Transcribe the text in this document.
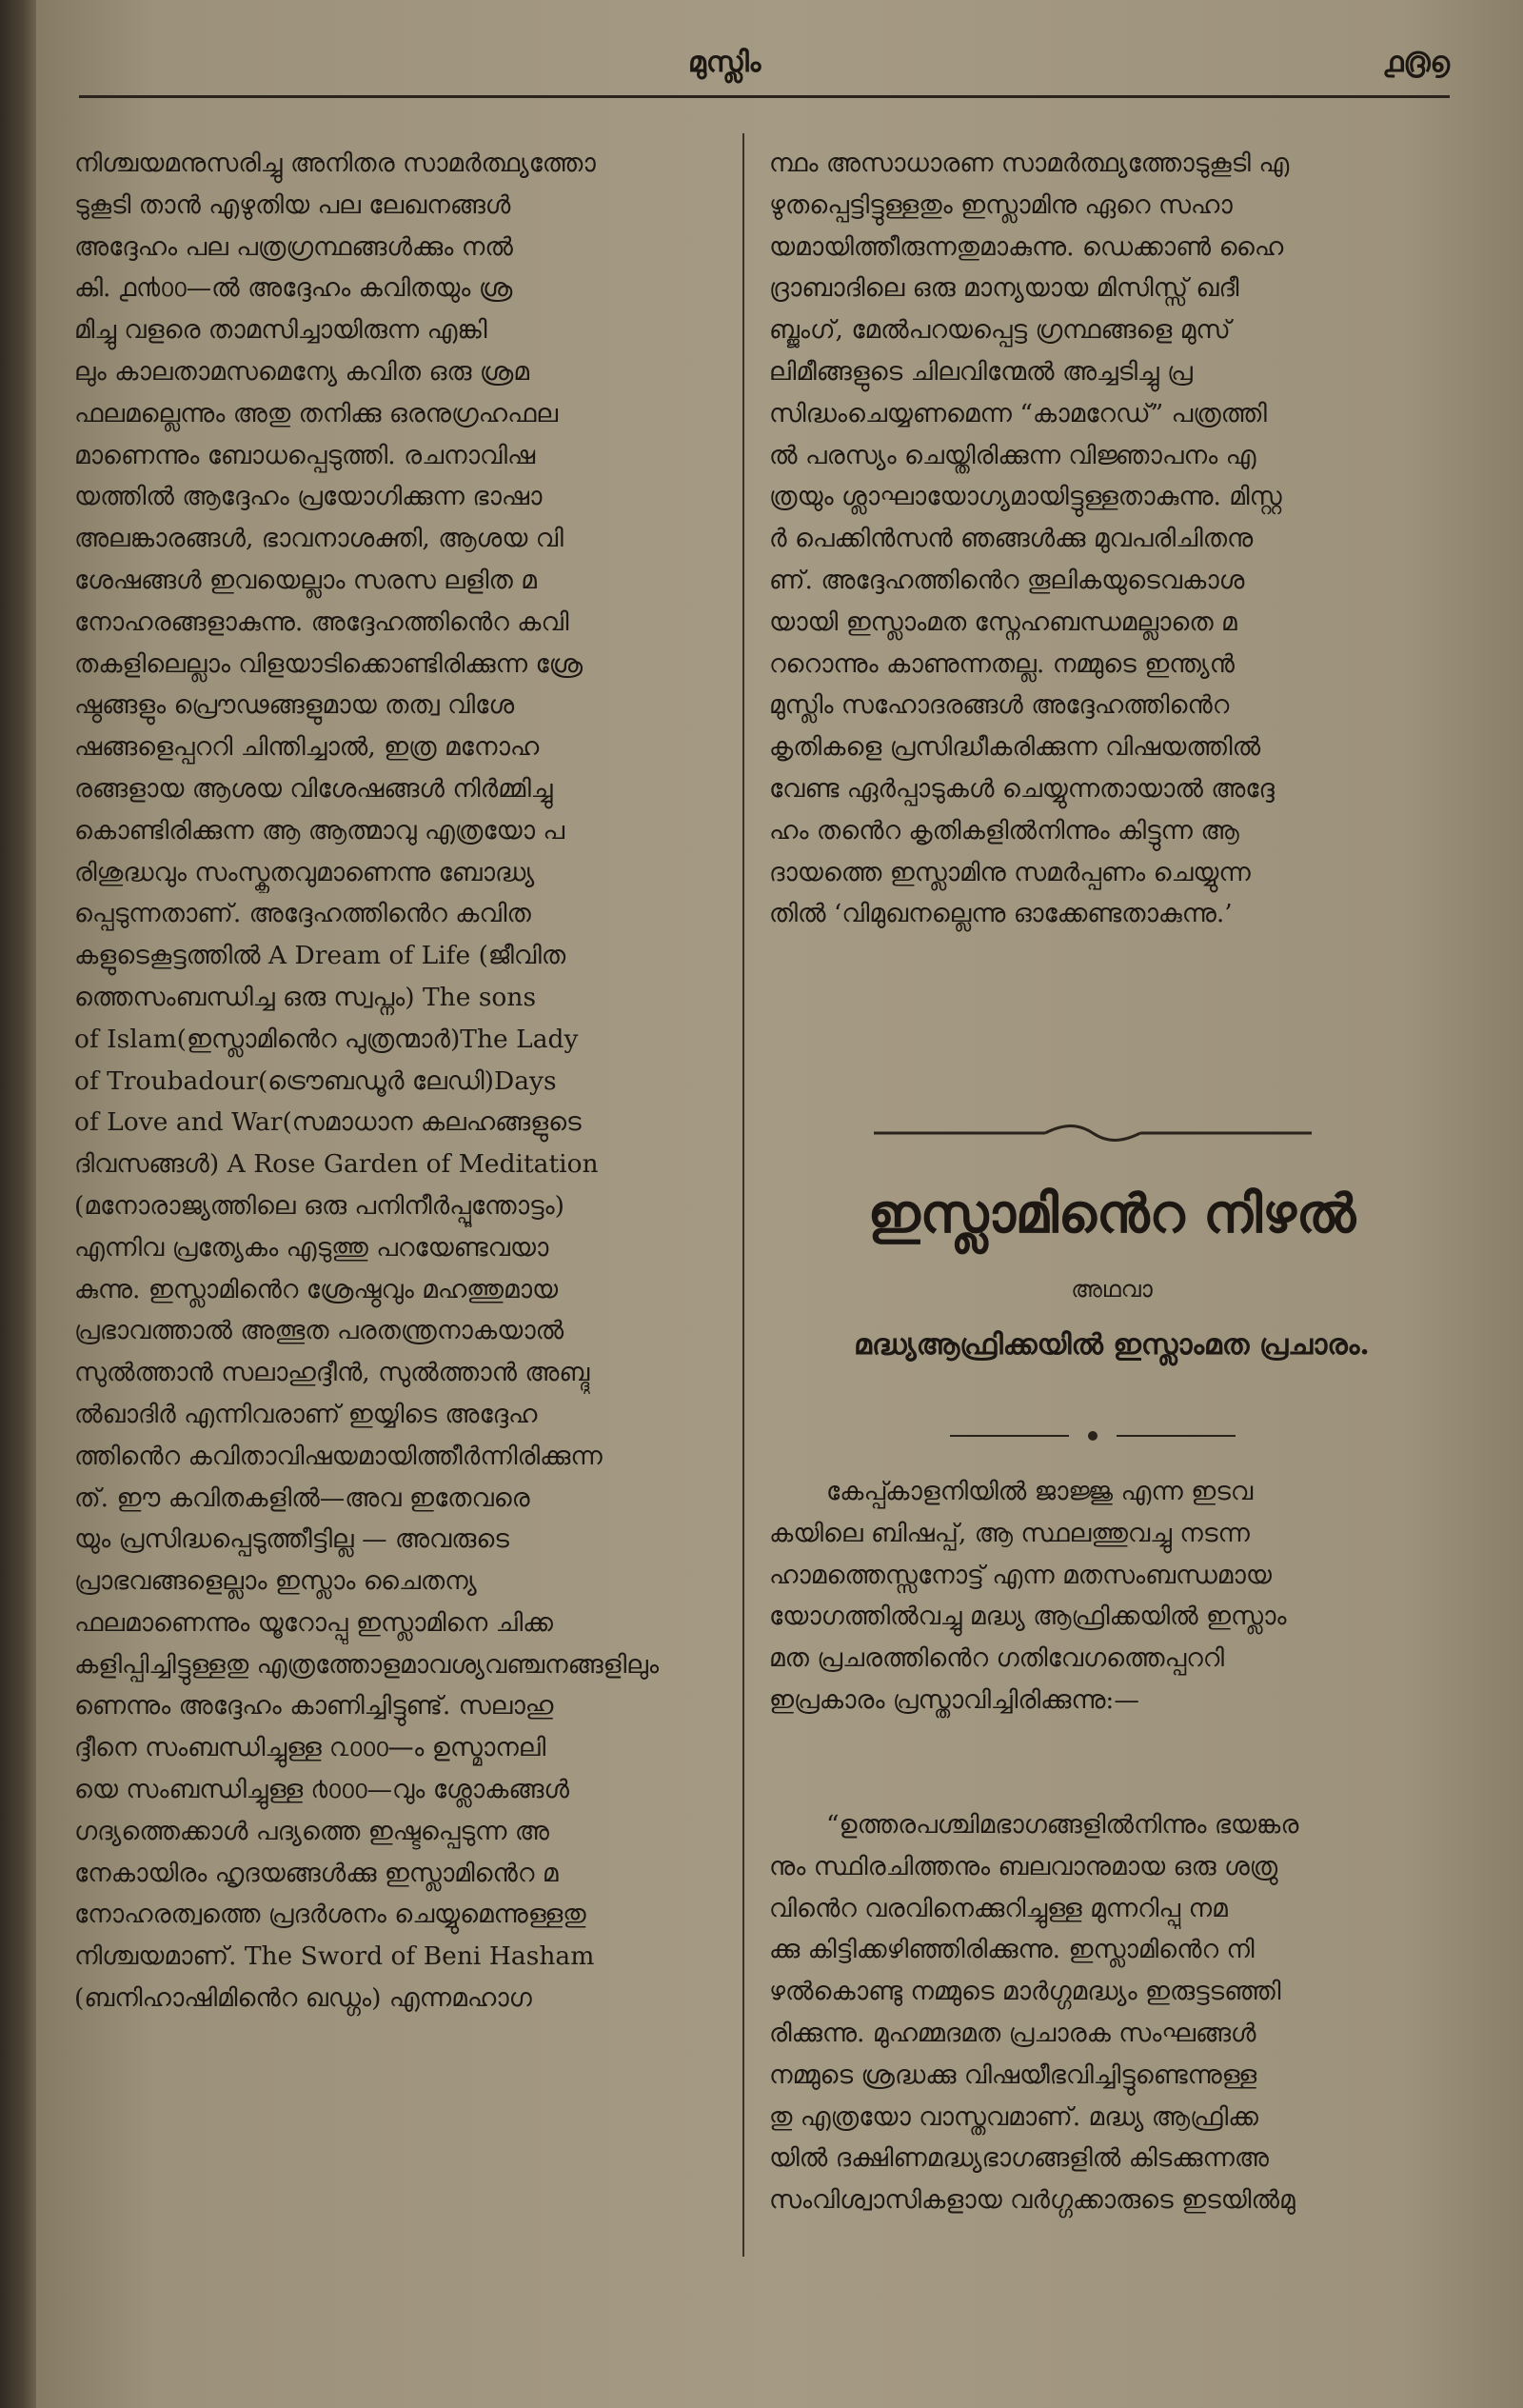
മുസ്ലിം	൧൫൭
നിശ്ചയമനുസരിച്ചു അനിതര സാമർത്ഥ്യത്തോ
ടുകൂടി താൻ എഴുതിയ പല ലേഖനങ്ങൾ
അദ്ദേഹം പല പത്രഗ്രന്ഥങ്ങൾക്കും നൽ
കി. ൧൯൦൦—ൽ അദ്ദേഹം കവിതയും ശ്ര
മിച്ചു വളരെ താമസിച്ചായിരുന്ന എങ്കി
ലും കാലതാമസമെന്യേ കവിത ഒരു ശ്രമ
ഫലമല്ലെന്നും അതു തനിക്കു ഒരനുഗ്രഹഫല
മാണെന്നും ബോധപ്പെടുത്തി. രചനാവിഷ
യത്തിൽ ആദ്ദേഹം പ്രയോഗിക്കുന്ന ഭാഷാ
അലങ്കാരങ്ങൾ, ഭാവനാശക്തി, ആശയ വി
ശേഷങ്ങൾ ഇവയെല്ലാം സരസ ലളിത മ
നോഹരങ്ങളാകുന്നു. അദ്ദേഹത്തിൻെറ കവി
തകളിലെല്ലാം വിളയാടിക്കൊണ്ടിരിക്കുന്ന ശ്രേ
ഷ്ഠങ്ങളും പ്രൌഢങ്ങളുമായ തത്വ വിശേ
ഷങ്ങളെപ്പററി ചിന്തിച്ചാൽ, ഇത്ര മനോഹ
രങ്ങളായ ആശയ വിശേഷങ്ങൾ നിർമ്മിച്ചു
കൊണ്ടിരിക്കുന്ന ആ ആത്മാവു എത്രയോ പ
രിശുദ്ധവും സംസ്കൃതവുമാണെന്നു ബോദ്ധ്യ
പ്പെടുന്നതാണ്. അദ്ദേഹത്തിൻെറ കവിത
കളുടെകൂട്ടത്തിൽ A Dream of Life (ജീവിത
ത്തെസംബന്ധിച്ച ഒരു സ്വപ്നം) The sons
of Islam(ഇസ്ലാമിൻെറ പുത്രന്മാർ)The Lady
of Troubadour(ട്രൌബഡൂർ ലേഡി)Days
of Love and War(സമാധാന കലഹങ്ങളുടെ
ദിവസങ്ങൾ) A Rose Garden of Meditation
(മനോരാജ്യത്തിലെ ഒരു പനിനീർപ്പൂന്തോട്ടം)
എന്നിവ പ്രത്യേകം എടുത്തു പറയേണ്ടവയാ
കുന്നു. ഇസ്ലാമിൻെറ ശ്രേഷ്ഠവും മഹത്തുമായ
പ്രഭാവത്താൽ അത്ഭുത പരതന്ത്രനാകയാൽ
സുൽത്താൻ സലാഹുദ്ദീൻ, സുൽത്താൻ അബ്ദു
ൽഖാദിർ എന്നിവരാണ് ഇയ്യിടെ അദ്ദേഹ
ത്തിൻെറ കവിതാവിഷയമായിത്തീർന്നിരിക്കുന്ന
ത്. ഈ കവിതകളിൽ—അവ ഇതേവരെ
യും പ്രസിദ്ധപ്പെടുത്തീട്ടില്ല — അവരുടെ
പ്രാഭവങ്ങളെല്ലാം ഇസ്ലാം ചൈതന്യ
ഫലമാണെന്നും യൂറോപ്പു ഇസ്ലാമിനെ ചിക്ക
കളിപ്പിച്ചിട്ടുള്ളതു എത്രത്തോളമാവശ്യവഞ്ചനങ്ങളിലും
ണെന്നും അദ്ദേഹം കാണിച്ചിട്ടുണ്ട്. സലാഹു
ദ്ദീനെ സംബന്ധിച്ചുള്ള ൨൦൦൦—ം ഉസ്മാനലി
യെ സംബന്ധിച്ചുള്ള ൪൦൦൦—വും ശ്ലോകങ്ങൾ
ഗദ്യത്തെക്കാൾ പദ്യത്തെ ഇഷ്ടപ്പെടുന്ന അ
നേകായിരം ഹൃദയങ്ങൾക്കു ഇസ്ലാമിൻെറ മ
നോഹരത്വത്തെ പ്രദർശനം ചെയ്യുമെന്നുള്ളതു
നിശ്ചയമാണ്. The Sword of Beni Hasham
(ബനിഹാഷിമിൻെറ ഖഡ്ഗം) എന്നമഹാഗ
ന്ഥം അസാധാരണ സാമർത്ഥ്യത്തോടുകൂടി എ
ഴുതപ്പെട്ടിട്ടുള്ളതും ഇസ്ലാമിനു ഏറെ സഹാ
യമായിത്തീരുന്നതുമാകുന്നു. ഡെക്കാൺ ഹൈ
ദ്രാബാദിലെ ഒരു മാന്യയായ മിസിസ്സ് ഖദീ
ബ്ജംഗ്, മേൽപറയപ്പെട്ട ഗ്രന്ഥങ്ങളെ മുസ്
ലിമീങ്ങളുടെ ചിലവിന്മേൽ അച്ചടിച്ചു പ്ര
സിദ്ധംചെയ്യണമെന്ന “കാമറേഡ്” പത്രത്തി
ൽ പരസ്യം ചെയ്തിരിക്കുന്ന വിജ്ഞാപനം എ
ത്രയും ശ്ലാഘായോഗ്യമായിട്ടുള്ളതാകുന്നു. മിസ്റ്റ
ർ പെക്കിൻസൻ ഞങ്ങൾക്കു മുവപരിചിതനു
ണ്. അദ്ദേഹത്തിൻെറ തൂലികയുടെവകാശ
യായി ഇസ്ലാംമത സ്നേഹബന്ധമല്ലാതെ മ
ററൊന്നും കാണുന്നതല്ല. നമ്മുടെ ഇന്ത്യൻ
മുസ്ലിം സഹോദരങ്ങൾ അദ്ദേഹത്തിൻെറ
കൃതികളെ പ്രസിദ്ധീകരിക്കുന്ന വിഷയത്തിൽ
വേണ്ട ഏർപ്പാടുകൾ ചെയ്യുന്നതായാൽ അദ്ദേ
ഹം തൻെറ കൃതികളിൽനിന്നും കിട്ടുന്ന ആ
ദായത്തെ ഇസ്ലാമിനു സമർപ്പണം ചെയ്യുന്ന
തിൽ ‘വിമുഖനല്ലെന്നു ഓക്കേണ്ടതാകുന്നു.’
ഇസ്ലാമിൻെറ നിഴൽ
അഥവാ
മദ്ധ്യആഫ്രിക്കയിൽ ഇസ്ലാംമത പ്രചാരം.
കേപ്പ്കാളനിയിൽ ജാജ്ജു എന്ന ഇടവ
കയിലെ ബിഷപ്പ്, ആ സ്ഥലത്തുവച്ചു നടന്ന
ഹാമത്തെസ്സനോട്ട് എന്ന മതസംബന്ധമായ
യോഗത്തിൽവച്ചു മദ്ധ്യ ആഫ്രിക്കയിൽ ഇസ്ലാം
മത പ്രചരത്തിൻെറ ഗതിവേഗത്തെപ്പററി
ഇപ്രകാരം പ്രസ്താവിച്ചിരിക്കുന്നു:—
“ഉത്തരപശ്ചിമഭാഗങ്ങളിൽനിന്നും ഭയങ്കര
നും സ്ഥിരചിത്തനും ബലവാനുമായ ഒരു ശത്രു
വിൻെറ വരവിനെക്കുറിച്ചുള്ള മുന്നറിപ്പു നമ
ക്കു കിട്ടിക്കഴിഞ്ഞിരിക്കുന്നു. ഇസ്ലാമിൻെറ നി
ഴൽകൊണ്ടു നമ്മുടെ മാർഗ്ഗമദ്ധ്യം ഇരുട്ടടഞ്ഞി
രിക്കുന്നു. മുഹമ്മദമത പ്രചാരക സംഘങ്ങൾ
നമ്മുടെ ശ്രദ്ധക്കു വിഷയീഭവിച്ചിട്ടുണ്ടെന്നുള്ള
തു എത്രയോ വാസ്തവമാണ്. മദ്ധ്യ ആഫ്രിക്ക
യിൽ ദക്ഷിണമദ്ധ്യഭാഗങ്ങളിൽ കിടക്കുന്നഅ
സംവിശ്വാസികളായ വർഗ്ഗക്കാരുടെ ഇടയിൽമു
